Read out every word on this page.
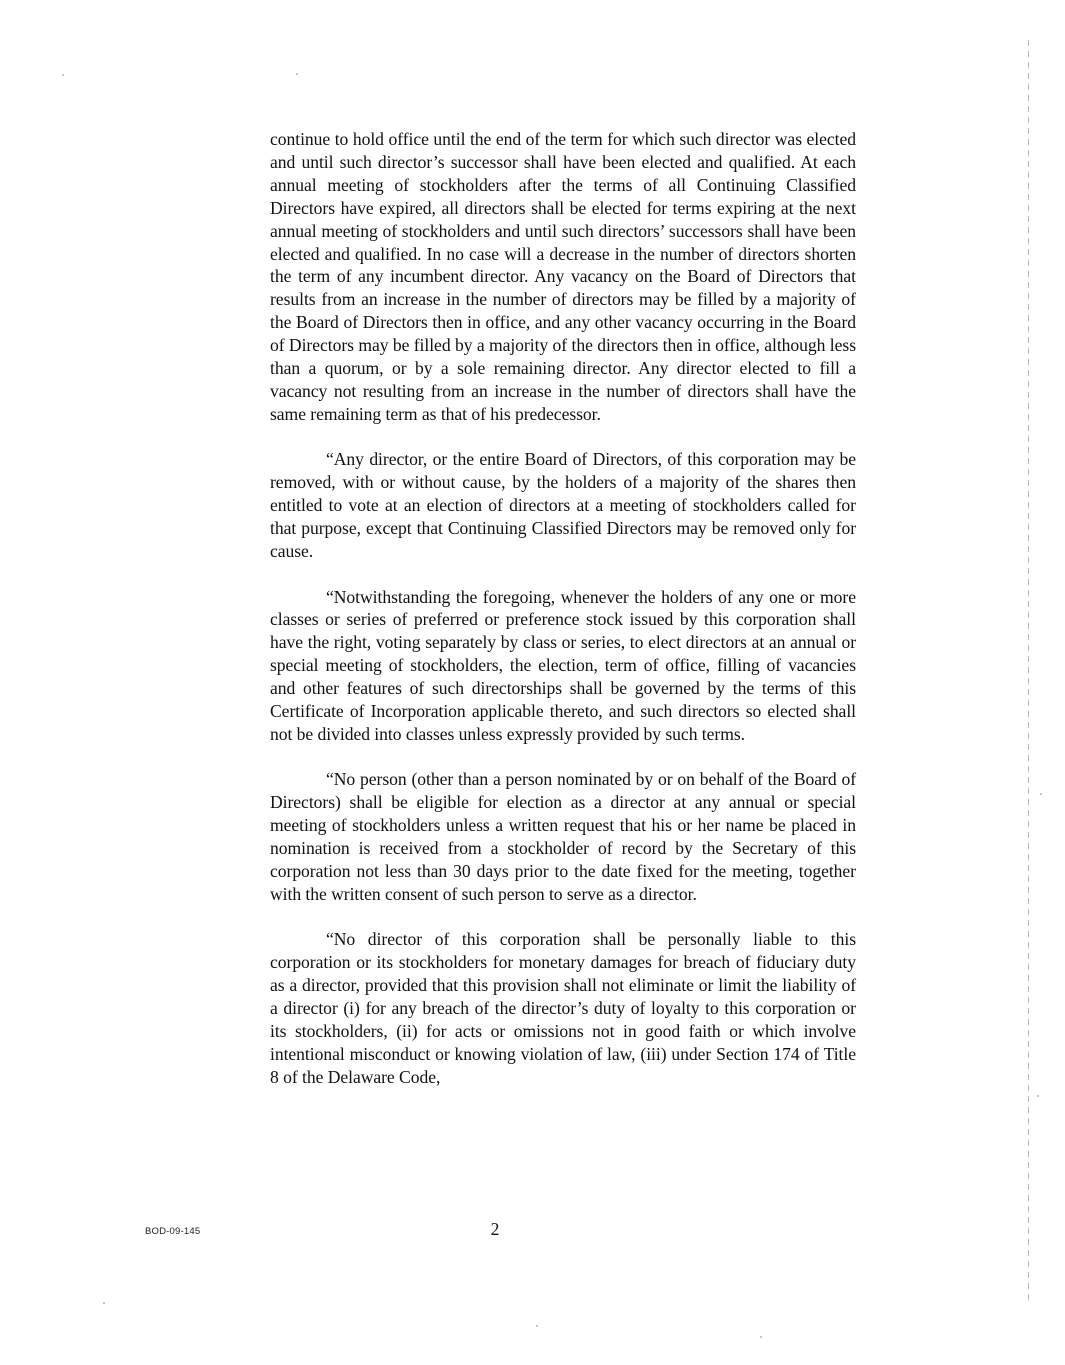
continue to hold office until the end of the term for which such director was elected and until such director’s successor shall have been elected and qualified. At each annual meeting of stockholders after the terms of all Continuing Classified Directors have expired, all directors shall be elected for terms expiring at the next annual meeting of stockholders and until such directors’ successors shall have been elected and qualified. In no case will a decrease in the number of directors shorten the term of any incumbent director. Any vacancy on the Board of Directors that results from an increase in the number of directors may be filled by a majority of the Board of Directors then in office, and any other vacancy occurring in the Board of Directors may be filled by a majority of the directors then in office, although less than a quorum, or by a sole remaining director. Any director elected to fill a vacancy not resulting from an increase in the number of directors shall have the same remaining term as that of his predecessor.

“Any director, or the entire Board of Directors, of this corporation may be removed, with or without cause, by the holders of a majority of the shares then entitled to vote at an election of directors at a meeting of stockholders called for that purpose, except that Continuing Classified Directors may be removed only for cause.

“Notwithstanding the foregoing, whenever the holders of any one or more classes or series of preferred or preference stock issued by this corporation shall have the right, voting separately by class or series, to elect directors at an annual or special meeting of stockholders, the election, term of office, filling of vacancies and other features of such directorships shall be governed by the terms of this Certificate of Incorporation applicable thereto, and such directors so elected shall not be divided into classes unless expressly provided by such terms.

“No person (other than a person nominated by or on behalf of the Board of Directors) shall be eligible for election as a director at any annual or special meeting of stockholders unless a written request that his or her name be placed in nomination is received from a stockholder of record by the Secretary of this corporation not less than 30 days prior to the date fixed for the meeting, together with the written consent of such person to serve as a director.

“No director of this corporation shall be personally liable to this corporation or its stockholders for monetary damages for breach of fiduciary duty as a director, provided that this provision shall not eliminate or limit the liability of a director (i) for any breach of the director’s duty of loyalty to this corporation or its stockholders, (ii) for acts or omissions not in good faith or which involve intentional misconduct or knowing violation of law, (iii) under Section 174 of Title 8 of the Delaware Code,

BOD-09-145	2
